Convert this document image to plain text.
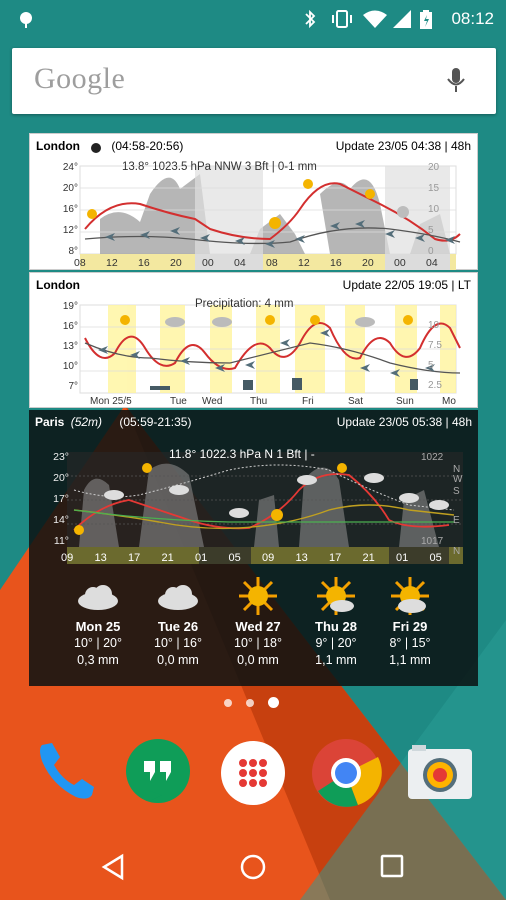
08:12
Google
24°
20°
16°
12°
8°
20
15
10
5
0
08 12 16 20 00 04 08 12 16 20 00 04
13.8° 1023.5 hPa NNW 3 Bft | 0-1 mm
London	(04:58-20:56)	Update 23/05 04:38 | 48h
19°
16°
13°
10°
7°
10
7.5
5
2.5
Mon 25/5	Tue Wed	Thu	Fri	Sat	Sun	Mo
Precipitation: 4 mm
London	Update 22/05 19:05 | LT
23°
20°
17°
14°
11°
1022
N
W
S
E
1017
N
09 13 17 21 01 05 09 13 17 21 01 05
11.8° 1022.3 hPa N 1 Bft | -
Paris (52m) (05:59-21:35)	Update 23/05 05:38 | 48h
Mon 25
10° | 20°
0,3 mm
Tue 26
10° | 16°
0,0 mm
Wed 27
10° | 18°
0,0 mm
Thu 28
9° | 20°
1,1 mm
Fri 29
8° | 15°
1,1 mm
